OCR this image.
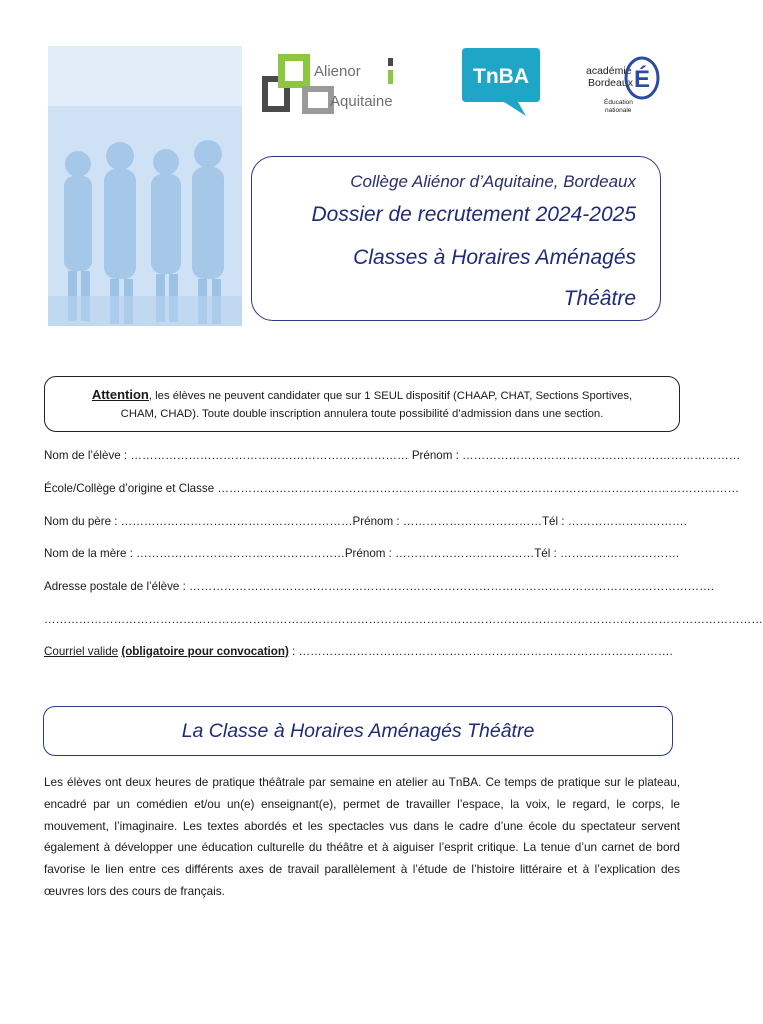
Alienor
Aquitaine
TnBA	académie
Bordeaux É
Éducation
nationale
Collège Aliénor d’Aquitaine, Bordeaux
Dossier de recrutement 2024-2025
Classes à Horaires Aménagés
Théâtre
Attention, les élèves ne peuvent candidater que sur 1 SEUL dispositif (CHAAP, CHAT, Sections Sportives,
CHAM, CHAD). Toute double inscription annulera toute possibilité d’admission dans une section.
Nom de l’élève : ……………………………………………………………… Prénom : ………………………………………………………………
École/Collège d’origine et Classe ………………………………………………………………………………………………………………………
Nom du père : ……………………………………………………Prénom : ………………………………Tél : ………………………….
Nom de la mère : ………………………………………………Prénom : ………………………………Tél : ………………………….
Adresse postale de l’élève : ……………………………………………………………………………………………………………………….
……………………………………………………………………………………………………………………………………………………………………
Courriel valide (obligatoire pour convocation) : …………………………………………………………………………………….
La Classe à Horaires Aménagés Théâtre
Les élèves ont deux heures de pratique théâtrale par semaine en atelier au TnBA. Ce temps de pratique sur le plateau, encadré par un comédien et/ou un(e) enseignant(e), permet de travailler l’espace, la voix, le regard, le corps, le mouvement, l’imaginaire. Les textes abordés et les spectacles vus dans le cadre d’une école du spectateur servent également à développer une éducation culturelle du théâtre et à aiguiser l’esprit critique. La tenue d’un carnet de bord favorise le lien entre ces différents axes de travail parallèlement à l’étude de l’histoire littéraire et à l’explication des œuvres lors des cours de français.
